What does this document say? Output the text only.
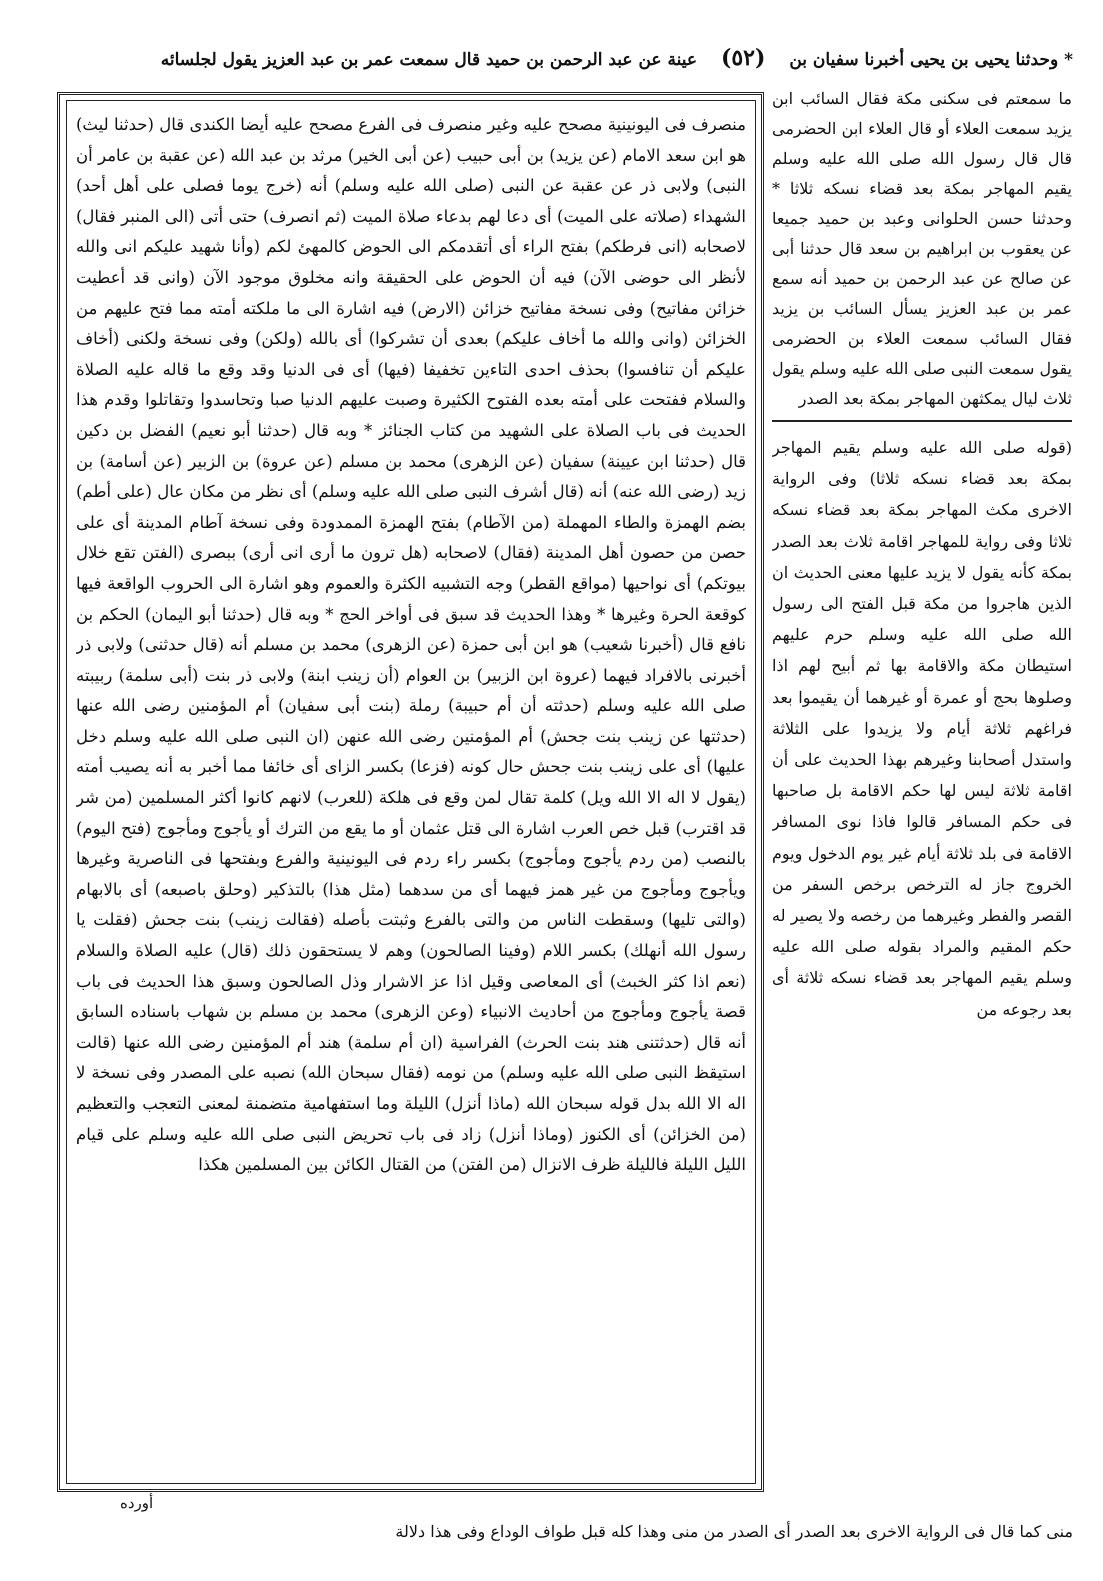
* وحدثنا يحيى بن يحيى أخبرنا سفيان بن (٥٢) عينة عن عبد الرحمن بن حميد قال سمعت عمر بن عبد العزيز يقول لجلسائه

منصرف فى اليونينية مصحح عليه وغير منصرف فى الفرع مصحح عليه أيضا الكندى قال (حدثنا ليث) هو ابن سعد الامام (عن يزيد) بن أبى حبيب (عن أبى الخير) مرثد بن عبد الله (عن عقبة بن عامر أن النبى) ولابى ذر عن عقبة عن النبى (صلى الله عليه وسلم) أنه (خرج يوما فصلى على أهل أحد) الشهداء (صلاته على الميت) أى دعا لهم بدعاء صلاة الميت (ثم انصرف) حتى أتى (الى المنبر فقال) لاصحابه (انى فرطكم) بفتح الراء أى أتقدمكم الى الحوض كالمهئ لكم (وأنا شهيد عليكم انى والله لأنظر الى حوضى الآن) فيه أن الحوض على الحقيقة وانه مخلوق موجود الآن (وانى قد أعطيت خزائن مفاتيح) وفى نسخة مفاتيح خزائن (الارض) فيه اشارة الى ما ملكته أمته مما فتح عليهم من الخزائن (وانى والله ما أخاف عليكم) بعدى أن تشركوا) أى بالله (ولكن) وفى نسخة ولكنى (أخاف عليكم أن تنافسوا) بحذف احدى التاءين تخفيفا (فيها) أى فى الدنيا وقد وقع ما قاله عليه الصلاة والسلام ففتحت على أمته بعده الفتوح الكثيرة وصبت عليهم الدنيا صبا وتحاسدوا وتقاتلوا وقدم هذا الحديث فى باب الصلاة على الشهيد من كتاب الجنائز * وبه قال (حدثنا أبو نعيم) الفضل بن دكين قال (حدثنا ابن عيينة) سفيان (عن الزهرى) محمد بن مسلم (عن عروة) بن الزبير (عن أسامة) بن زيد (رضى الله عنه) أنه (قال أشرف النبى صلى الله عليه وسلم) أى نظر من مكان عال (على أطم) بضم الهمزة والطاء المهملة (من الآطام) بفتح الهمزة الممدودة وفى نسخة آطام المدينة أى على حصن من حصون أهل المدينة (فقال) لاصحابه (هل ترون ما أرى انى أرى) ببصرى (الفتن تقع خلال بيوتكم) أى نواحيها (مواقع القطر) وجه التشبيه الكثرة والعموم وهو اشارة الى الحروب الواقعة فيها كوقعة الحرة وغيرها * وهذا الحديث قد سبق فى أواخر الحج * وبه قال (حدثنا أبو اليمان) الحكم بن نافع قال (أخبرنا شعيب) هو ابن أبى حمزة (عن الزهرى) محمد بن مسلم أنه (قال حدثنى) ولابى ذر أخبرنى بالافراد فيهما (عروة ابن الزبير) بن العوام (أن زينب ابنة) ولابى ذر بنت (أبى سلمة) ربيبته صلى الله عليه وسلم (حدثته أن أم حبيبة) رملة (بنت أبى سفيان) أم المؤمنين رضى الله عنها (حدثتها عن زينب بنت جحش) أم المؤمنين رضى الله عنهن (ان النبى صلى الله عليه وسلم دخل عليها) أى على زينب بنت جحش حال كونه (فزعا) بكسر الزاى أى خائفا مما أخبر به أنه يصيب أمته (يقول لا اله الا الله ويل) كلمة تقال لمن وقع فى هلكة (للعرب) لانهم كانوا أكثر المسلمين (من شر قد اقترب) قبل خص العرب اشارة الى قتل عثمان أو ما يقع من الترك أو يأجوج ومأجوج (فتح اليوم) بالنصب (من ردم يأجوج ومأجوج) بكسر راء ردم فى اليونينية والفرع وبفتحها فى الناصرية وغيرها ويأجوج ومأجوج من غير همز فيهما أى من سدهما (مثل هذا) بالتذكير (وحلق باصبعه) أى بالابهام (والتى تليها) وسقطت الناس من والتى بالفرع وثبتت بأصله (فقالت زينب) بنت جحش (فقلت يا رسول الله أنهلك) بكسر اللام (وفينا الصالحون) وهم لا يستحقون ذلك (قال) عليه الصلاة والسلام (نعم اذا كثر الخبث) أى المعاصى وقيل اذا عز الاشرار وذل الصالحون وسبق هذا الحديث فى باب قصة يأجوج ومأجوج من أحاديث الانبياء (وعن الزهرى) محمد بن مسلم بن شهاب باسناده السابق أنه قال (حدثتنى هند بنت الحرث) الفراسية (ان أم سلمة) هند أم المؤمنين رضى الله عنها (قالت استيقظ النبى صلى الله عليه وسلم) من نومه (فقال سبحان الله) نصبه على المصدر وفى نسخة لا اله الا الله بدل قوله سبحان الله (ماذا أنزل) الليلة وما استفهامية متضمنة لمعنى التعجب والتعظيم (من الخزائن) أى الكنوز (وماذا أنزل) زاد فى باب تحريض النبى صلى الله عليه وسلم على قيام الليل الليلة فالليلة ظرف الانزال (من الفتن) من القتال الكائن بين المسلمين هكذا

ما سمعتم فى سكنى مكة فقال السائب ابن يزيد سمعت العلاء أو قال العلاء ابن الحضرمى قال قال رسول الله صلى الله عليه وسلم يقيم المهاجر بمكة بعد قضاء نسكه ثلاثا * وحدثنا حسن الحلوانى وعبد بن حميد جميعا عن يعقوب بن ابراهيم بن سعد قال حدثنا أبى عن صالح عن عبد الرحمن بن حميد أنه سمع عمر بن عبد العزيز يسأل السائب بن يزيد فقال السائب سمعت العلاء بن الحضرمى يقول سمعت النبى صلى الله عليه وسلم يقول ثلاث ليال يمكثهن المهاجر بمكة بعد الصدر

(قوله صلى الله عليه وسلم يقيم المهاجر بمكة بعد قضاء نسكه ثلاثا) وفى الرواية الاخرى مكث المهاجر بمكة بعد قضاء نسكه ثلاثا وفى رواية للمهاجر اقامة ثلاث بعد الصدر بمكة كأنه يقول لا يزيد عليها معنى الحديث ان الذين هاجروا من مكة قبل الفتح الى رسول الله صلى الله عليه وسلم حرم عليهم استيطان مكة والاقامة بها ثم أبيح لهم اذا وصلوها بحج أو عمرة أو غيرهما أن يقيموا بعد فراغهم ثلاثة أيام ولا يزيدوا على الثلاثة واستدل أصحابنا وغيرهم بهذا الحديث على أن اقامة ثلاثة ليس لها حكم الاقامة بل صاحبها فى حكم المسافر قالوا فاذا نوى المسافر الاقامة فى بلد ثلاثة أيام غير يوم الدخول ويوم الخروج جاز له الترخص برخص السفر من القصر والفطر وغيرهما من رخصه ولا يصير له حكم المقيم والمراد بقوله صلى الله عليه وسلم يقيم المهاجر بعد قضاء نسكه ثلاثة أى بعد رجوعه من

أورده
منى كما قال فى الرواية الاخرى بعد الصدر أى الصدر من منى وهذا كله قبل طواف الوداع وفى هذا دلالة
